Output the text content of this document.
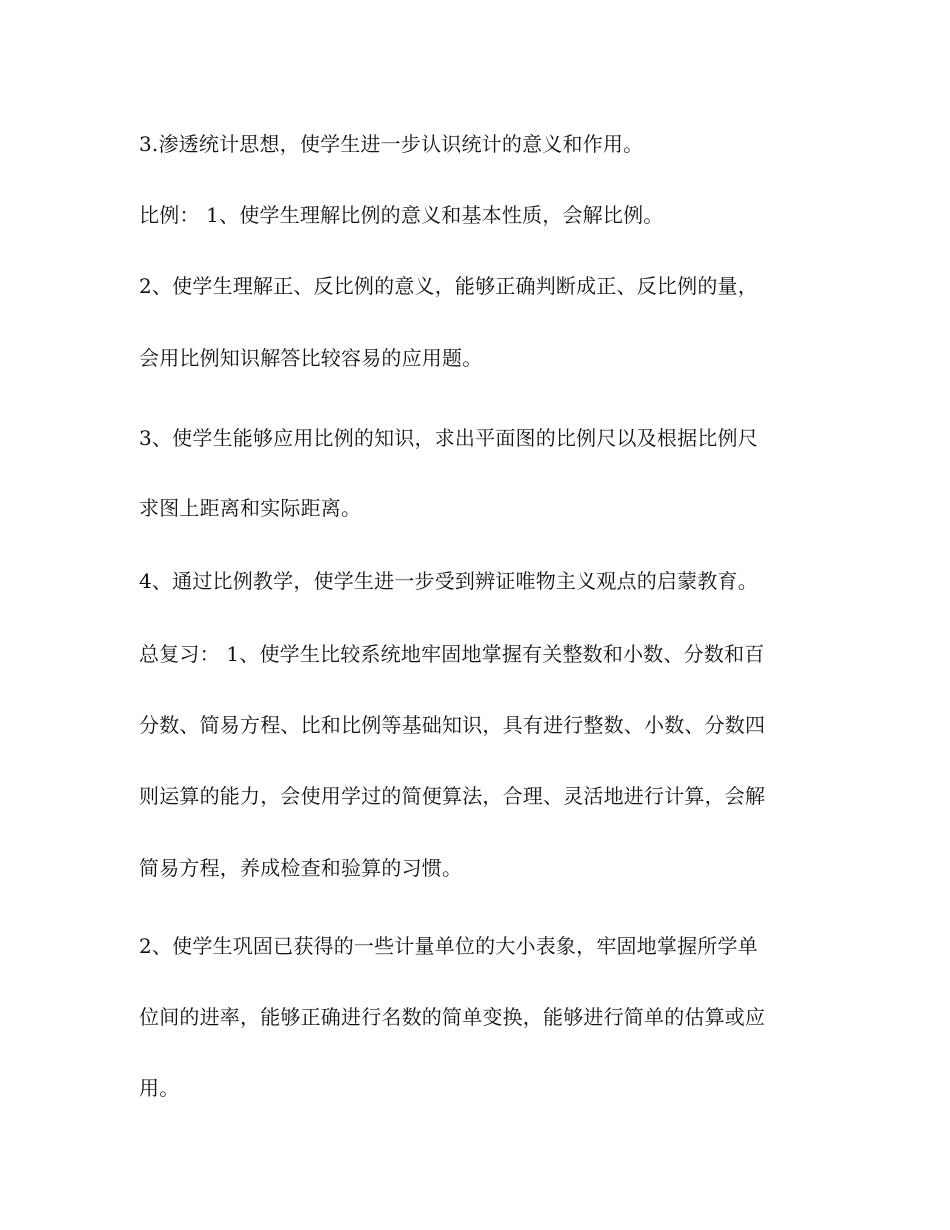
3.渗透统计思想，使学生进一步认识统计的意义和作用。
比例： 1、使学生理解比例的意义和基本性质，会解比例。
2、使学生理解正、反比例的意义，能够正确判断成正、反比例的量，
会用比例知识解答比较容易的应用题。
3、使学生能够应用比例的知识，求出平面图的比例尺以及根据比例尺
求图上距离和实际距离。
4、通过比例教学，使学生进一步受到辨证唯物主义观点的启蒙教育。
总复习： 1、使学生比较系统地牢固地掌握有关整数和小数、分数和百
分数、简易方程、比和比例等基础知识，具有进行整数、小数、分数四
则运算的能力，会使用学过的简便算法，合理、灵活地进行计算，会解
简易方程，养成检查和验算的习惯。
2、使学生巩固已获得的一些计量单位的大小表象，牢固地掌握所学单
位间的进率，能够正确进行名数的简单变换，能够进行简单的估算或应
用。
